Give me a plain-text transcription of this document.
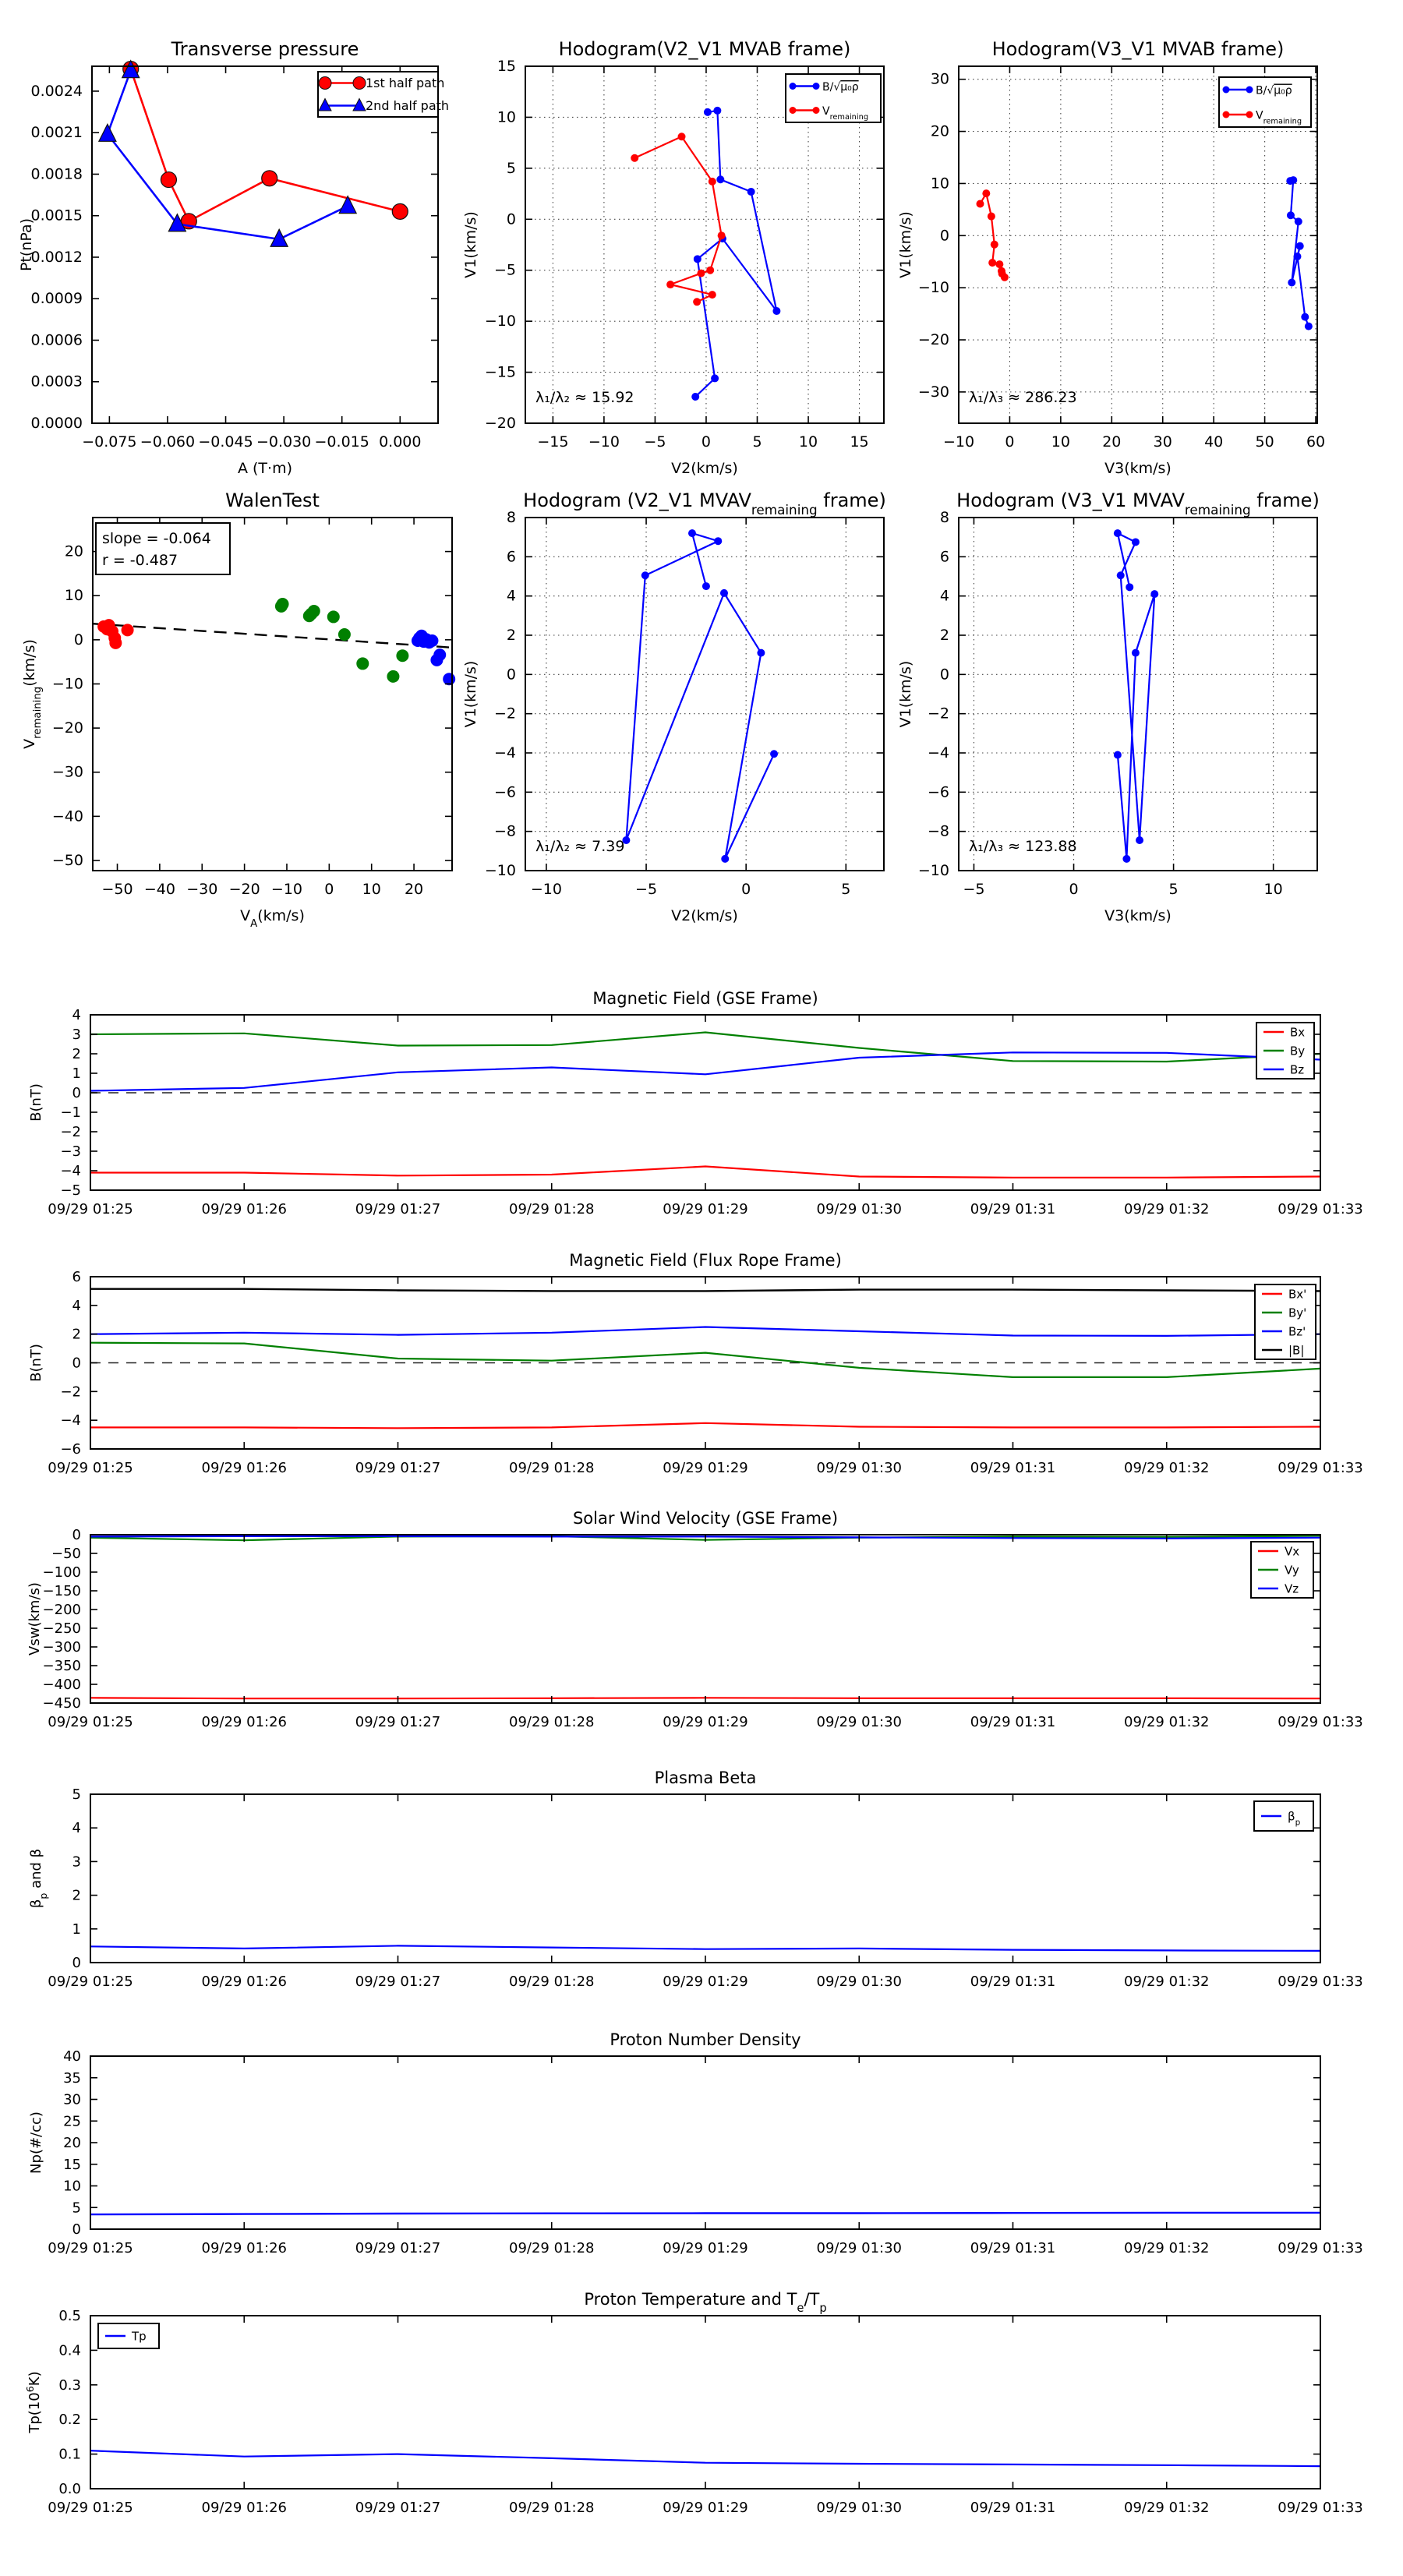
−0.075 −0.060 −0.045 −0.030 −0.015 0.000
0.0000
0.0003
0.0006
0.0009
0.0012
0.0015
0.0018
0.0021
0.0024
Transverse pressure
A (T·m)
Pt(nPa)
1st half path
2nd half path
−15 −10 −5 0	5 10 15
−20
−15
−10
−5
0
5
10
15
Hodogram(V2_V1 MVAB frame)
V2(km/s)
V1(km/s)
B/√μ₀ρ
$V_{remaining}$
λ₁/λ₂ ≈ 15.92
−10 0 10 20 30 40 50 60
−30
−20
−10
0
10
20
30
Hodogram(V3_V1 MVAB frame)
V3(km/s)
V1(km/s)
B/√μ₀ρ
$V_{remaining}$
λ₁/λ₃ ≈ 286.23
−50 −40 −30 −20 −10 0 10 20
−50
−40
−30
−20
−10
0
10
20
WalenTest
$V_A(km/s)$
$V_{remaining}(km/s)$
slope = -0.064
r = -0.487
−10	−5	0	5
−10
−8
−6
−4
−2
0
2
4
6
8
Hodogram (V2_V1 $MVAV_{remaining}$ frame)
V2(km/s)
V1(km/s)
λ₁/λ₂ ≈ 7.39
−5	0	5	10
−10
−8
−6
−4
−2
0
2
4
6
8
Hodogram (V3_V1 $MVAV_{remaining}$ frame)
V3(km/s)
V1(km/s)
λ₁/λ₃ ≈ 123.88
09/29 01:25	09/29 01:26	09/29 01:27	09/29 01:28	09/29 01:29	09/29 01:30	09/29 01:31	09/29 01:32	09/29 01:33
−5
−4
−3
−2
−1
0
1
2
3
4
Magnetic Field (GSE Frame)
B(nT)
Bx
By
Bz
09/29 01:25	09/29 01:26	09/29 01:27	09/29 01:28	09/29 01:29	09/29 01:30	09/29 01:31	09/29 01:32	09/29 01:33
−6
−4
−2
0
2
4
6
Magnetic Field (Flux Rope Frame)
B(nT)
Bx'
By'
Bz'
|B|
09/29 01:25	09/29 01:26	09/29 01:27	09/29 01:28	09/29 01:29	09/29 01:30	09/29 01:31	09/29 01:32	09/29 01:33
−450
−400
−350
−300
−250
−200
−150
−100
−50
0
Solar Wind Velocity (GSE Frame)
Vsw(km/s)
Vx
Vy
Vz
09/29 01:25	09/29 01:26	09/29 01:27	09/29 01:28	09/29 01:29	09/29 01:30	09/29 01:31	09/29 01:32	09/29 01:33
0
1
2
3
4
5
Plasma Beta
$\beta_p$ and β
$\beta_p$
09/29 01:25	09/29 01:26	09/29 01:27	09/29 01:28	09/29 01:29	09/29 01:30	09/29 01:31	09/29 01:32	09/29 01:33
0
5
10
15
20
25
30
35
40
Proton Number Density
Np(#/cc)
09/29 01:25	09/29 01:26	09/29 01:27	09/29 01:28	09/29 01:29	09/29 01:30	09/29 01:31	09/29 01:32	09/29 01:33
0.0
0.1
0.2
0.3
0.4
0.5
Proton Temperature and $T_e/T_p$
$Tp(10^6K)$
Tp
